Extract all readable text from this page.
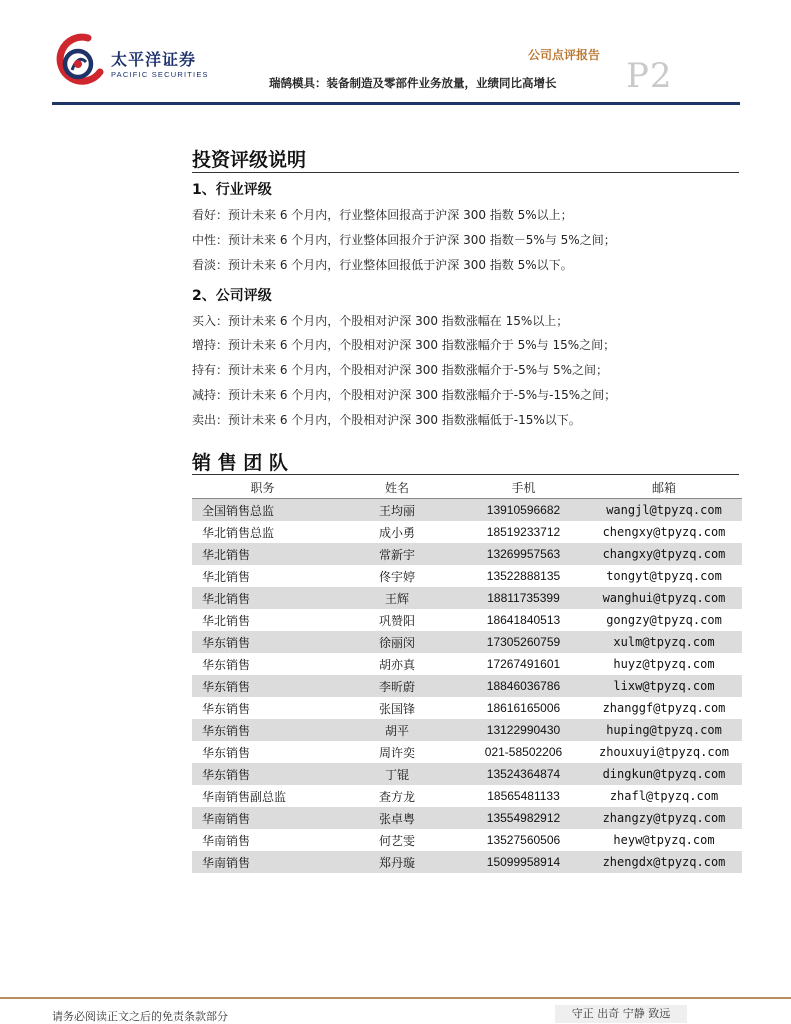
太平洋证券
PACIFIC SECURITIES
公司点评报告
瑞鹄模具：装备制造及零部件业务放量，业绩同比高增长 P2
投资评级说明
1、行业评级
看好：预计未来 6 个月内，行业整体回报高于沪深 300 指数 5%以上；
中性：预计未来 6 个月内，行业整体回报介于沪深 300 指数－5%与 5%之间；
看淡：预计未来 6 个月内，行业整体回报低于沪深 300 指数 5%以下。
2、公司评级
买入：预计未来 6 个月内，个股相对沪深 300 指数涨幅在 15%以上；
增持：预计未来 6 个月内，个股相对沪深 300 指数涨幅介于 5%与 15%之间；
持有：预计未来 6 个月内，个股相对沪深 300 指数涨幅介于-5%与 5%之间；
减持：预计未来 6 个月内，个股相对沪深 300 指数涨幅介于-5%与-15%之间；
卖出：预计未来 6 个月内，个股相对沪深 300 指数涨幅低于-15%以下。
销 售 团 队
职务	姓名	手机	邮箱
全国销售总监	王均丽	13910596682	wangjl@tpyzq.com
华北销售总监	成小勇	18519233712	chengxy@tpyzq.com
华北销售	常新宇	13269957563	changxy@tpyzq.com
华北销售	佟宇婷	13522888135	tongyt@tpyzq.com
华北销售	王辉	18811735399	wanghui@tpyzq.com
华北销售	巩赞阳	18641840513	gongzy@tpyzq.com
华东销售	徐丽闵	17305260759	xulm@tpyzq.com
华东销售	胡亦真	17267491601	huyz@tpyzq.com
华东销售	李昕蔚	18846036786	lixw@tpyzq.com
华东销售	张国锋	18616165006	zhanggf@tpyzq.com
华东销售	胡平	13122990430	huping@tpyzq.com
华东销售	周许奕	021-58502206	zhouxuyi@tpyzq.com
华东销售	丁锟	13524364874	dingkun@tpyzq.com
华南销售副总监	查方龙	18565481133	zhafl@tpyzq.com
华南销售	张卓粤	13554982912	zhangzy@tpyzq.com
华南销售	何艺雯	13527560506	heyw@tpyzq.com
华南销售	郑丹璇	15099958914	zhengdx@tpyzq.com
请务必阅读正文之后的免责条款部分	守正 出奇 宁静 致远
